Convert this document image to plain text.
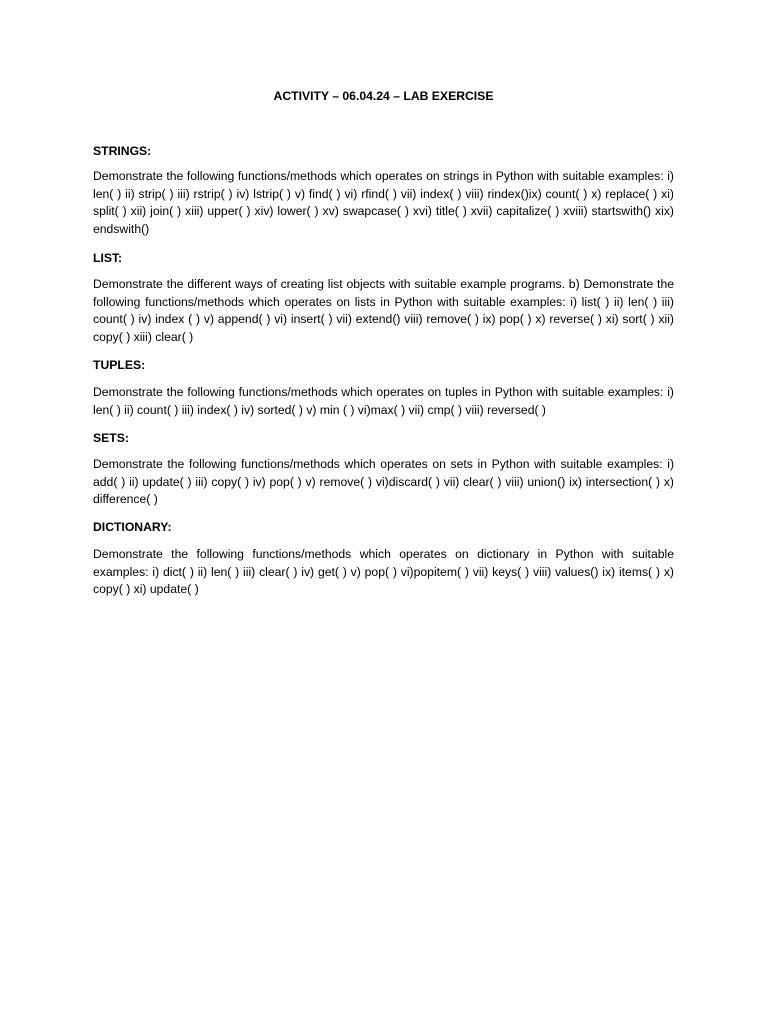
ACTIVITY – 06.04.24 – LAB EXERCISE
STRINGS:
Demonstrate the following functions/methods which operates on strings in Python with suitable examples: i) len( ) ii) strip( ) iii) rstrip( ) iv) lstrip( ) v) find( ) vi) rfind( ) vii) index( ) viii) rindex()ix) count( ) x) replace( ) xi) split( ) xii) join( ) xiii) upper( ) xiv) lower( ) xv) swapcase( ) xvi) title( ) xvii) capitalize( ) xviii) startswith() xix) endswith()
LIST:
Demonstrate the different ways of creating list objects with suitable example programs. b) Demonstrate the following functions/methods which operates on lists in Python with suitable examples: i) list( ) ii) len( ) iii) count( ) iv) index ( ) v) append( ) vi) insert( ) vii) extend() viii) remove( ) ix) pop( ) x) reverse( ) xi) sort( ) xii) copy( ) xiii) clear( )
TUPLES:
Demonstrate the following functions/methods which operates on tuples in Python with suitable examples: i) len( ) ii) count( ) iii) index( ) iv) sorted( ) v) min ( ) vi)max( ) vii) cmp( ) viii) reversed( )
SETS:
Demonstrate the following functions/methods which operates on sets in Python with suitable examples: i) add( ) ii) update( ) iii) copy( ) iv) pop( ) v) remove( ) vi)discard( ) vii) clear( ) viii) union() ix) intersection( ) x) difference( )
DICTIONARY:
Demonstrate the following functions/methods which operates on dictionary in Python with suitable examples: i) dict( ) ii) len( ) iii) clear( ) iv) get( ) v) pop( ) vi)popitem( ) vii) keys( ) viii) values() ix) items( ) x) copy( ) xi) update( )
